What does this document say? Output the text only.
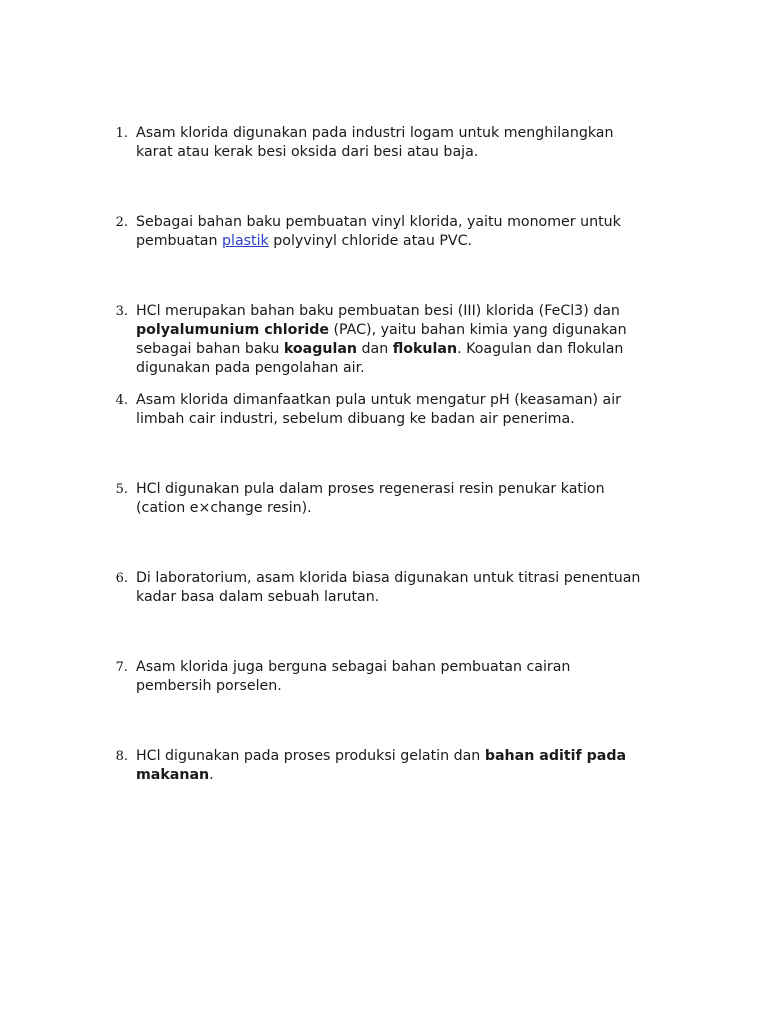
1. Asam klorida digunakan pada industri logam untuk menghilangkan
karat atau kerak besi oksida dari besi atau baja.

2. Sebagai bahan baku pembuatan vinyl klorida, yaitu monomer untuk
pembuatan plastik polyvinyl chloride atau PVC.

3. HCl merupakan bahan baku pembuatan besi (III) klorida (FeCl3) dan
polyalumunium chloride (PAC), yaitu bahan kimia yang digunakan
sebagai bahan baku koagulan dan flokulan. Koagulan dan flokulan
digunakan pada pengolahan air.

4. Asam klorida dimanfaatkan pula untuk mengatur pH (keasaman) air
limbah cair industri, sebelum dibuang ke badan air penerima.

5. HCl digunakan pula dalam proses regenerasi resin penukar kation
(cation e×change resin).

6. Di laboratorium, asam klorida biasa digunakan untuk titrasi penentuan
kadar basa dalam sebuah larutan.

7. Asam klorida juga berguna sebagai bahan pembuatan cairan
pembersih porselen.

8. HCl digunakan pada proses produksi gelatin dan bahan aditif pada
makanan.
